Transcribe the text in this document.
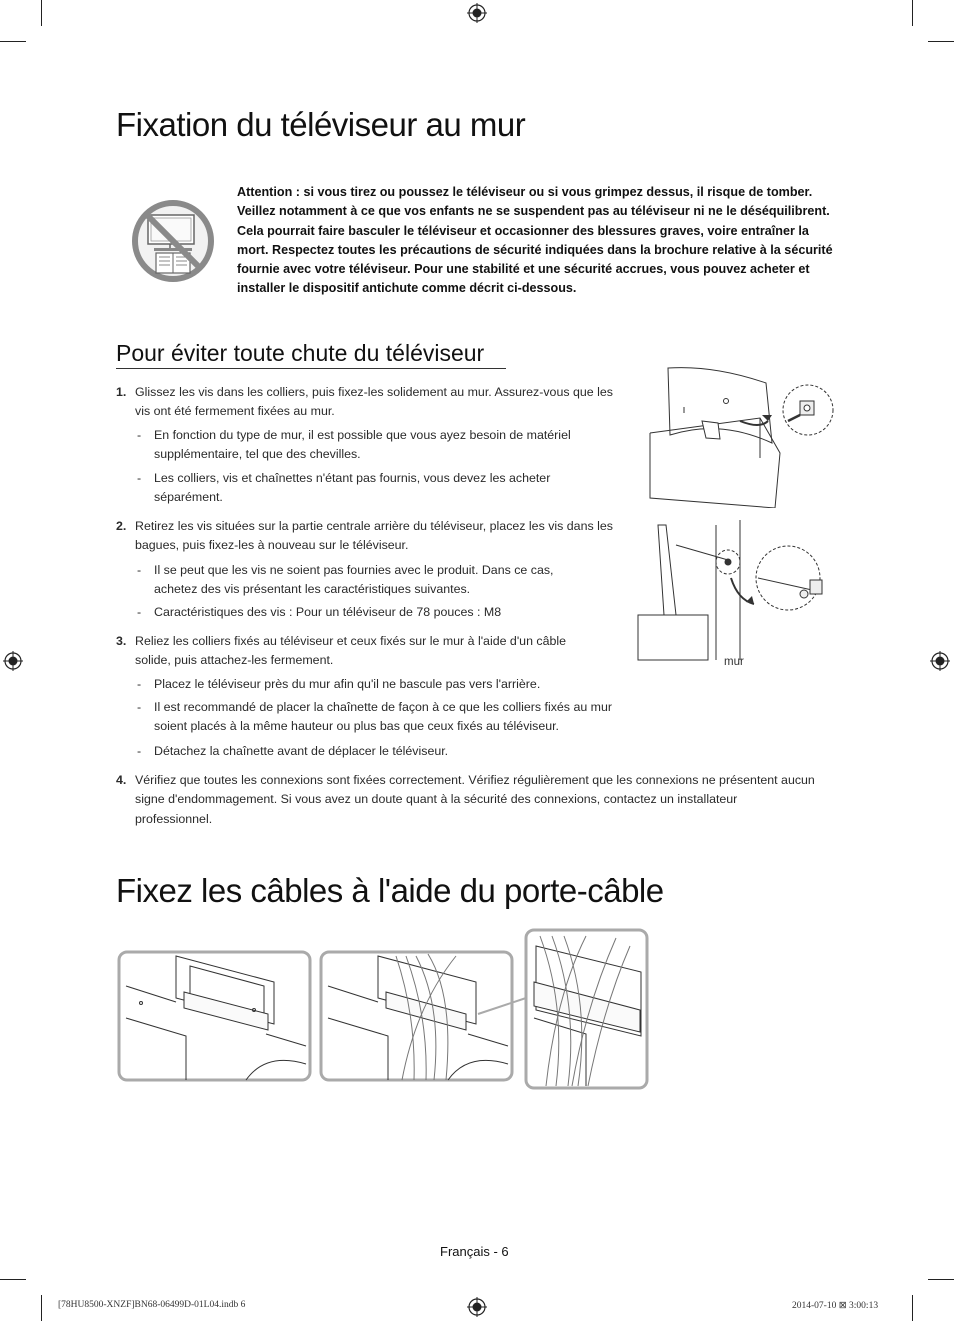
Fixation du téléviseur au mur

Attention : si vous tirez ou poussez le téléviseur ou si vous grimpez dessus, il risque de tomber. Veillez notamment à ce que vos enfants ne se suspendent pas au téléviseur ni ne le déséquilibrent. Cela pourrait faire basculer le téléviseur et occasionner des blessures graves, voire entraîner la mort. Respectez toutes les précautions de sécurité indiquées dans la brochure relative à la sécurité fournie avec votre téléviseur. Pour une stabilité et une sécurité accrues, vous pouvez acheter et installer le dispositif antichute comme décrit ci-dessous.

Pour éviter toute chute du téléviseur
1. Glissez les vis dans les colliers, puis fixez-les solidement au mur. Assurez-vous que les vis ont été fermement fixées au mur.
- En fonction du type de mur, il est possible que vous ayez besoin de matériel supplémentaire, tel que des chevilles.
- Les colliers, vis et chaînettes n'étant pas fournis, vous devez les acheter séparément.
2. Retirez les vis situées sur la partie centrale arrière du téléviseur, placez les vis dans les bagues, puis fixez-les à nouveau sur le téléviseur.
- Il se peut que les vis ne soient pas fournies avec le produit. Dans ce cas, achetez des vis présentant les caractéristiques suivantes.
- Caractéristiques des vis : Pour un téléviseur de 78 pouces : M8
3. Reliez les colliers fixés au téléviseur et ceux fixés sur le mur à l'aide d'un câble solide, puis attachez-les fermement.
- Placez le téléviseur près du mur afin qu'il ne bascule pas vers l'arrière.
- Il est recommandé de placer la chaînette de façon à ce que les colliers fixés au mur soient placés à la même hauteur ou plus bas que ceux fixés au téléviseur.
- Détachez la chaînette avant de déplacer le téléviseur.
4. Vérifiez que toutes les connexions sont fixées correctement. Vérifiez régulièrement que les connexions ne présentent aucun signe d'endommagement. Si vous avez un doute quant à la sécurité des connexions, contactez un installateur professionnel.
mur
Fixez les câbles à l'aide du porte-câble
Français - 6
[78HU8500-XNZF]BN68-06499D-01L04.indb 6	2014-07-10 ⊠ 3:00:13
